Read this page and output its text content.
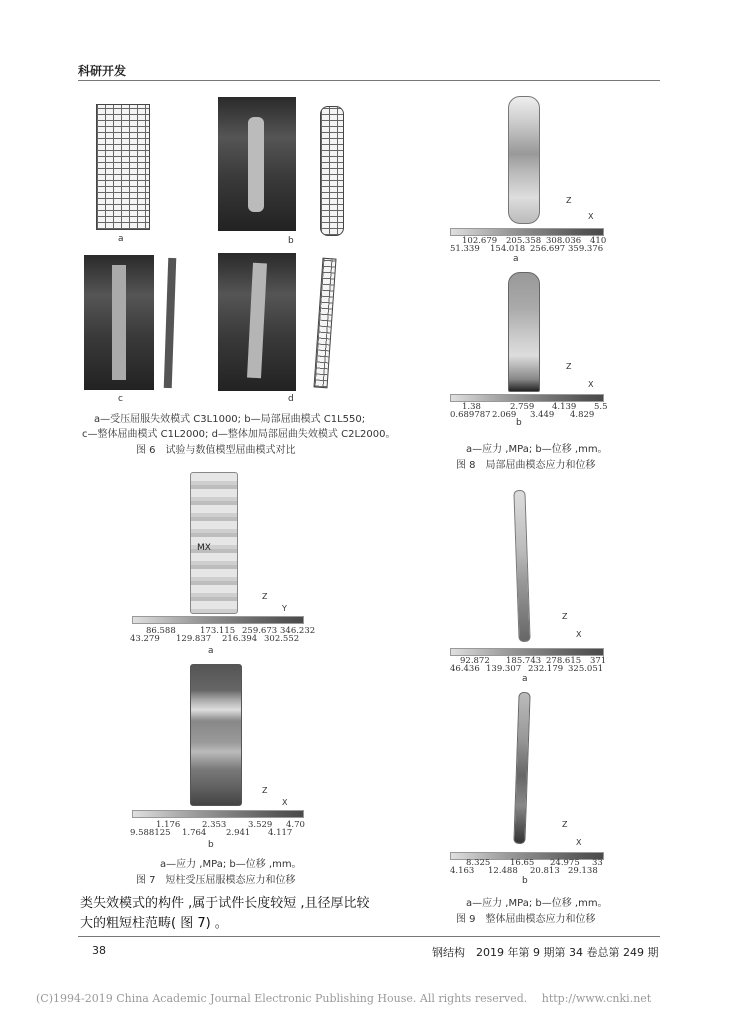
科研开发
a	b
c	d
a—受压屈服失效模式 C3L1000; b—局部屈曲模式 C1L550;
c—整体屈曲模式 C1L2000; d—整体加局部屈曲失效模式 C2L2000。
图 6　试验与数值模型屈曲模式对比
MX
Z
Y
86.588	173.115 259.673 346.232
43.279 129.837 216.394 302.552
a
Z
X
1.176	2.353	3.529 4.70
9.588125 1.764 2.941 4.117
b
a—应力 ,MPa; b—位移 ,mm。
图 7　短柱受压屈服模态应力和位移
类失效模式的构件 ,属于试件长度较短 ,且径厚比较
大的粗短柱范畴( 图 7) 。
Z
X
102.679 205.358 308.036 410
51.339 154.018 256.697 359.376
a
Z
X
1.38	2.759 4.139 5.5
0.689787 2.069 3.449 4.829
b
a—应力 ,MPa; b—位移 ,mm。
图 8　局部屈曲模态应力和位移
Z
X
92.872 185.743 278.615 371
46.436 139.307 232.179 325.051
a
Z
X
8.325 16.65 24.975 33
4.163 12.488 20.813 29.138
b
a—应力 ,MPa; b—位移 ,mm。
图 9　整体屈曲模态应力和位移
38	钢结构　2019 年第 9 期第 34 卷总第 249 期
(C)1994-2019 China Academic Journal Electronic Publishing House. All rights reserved.　 http://www.cnki.net
